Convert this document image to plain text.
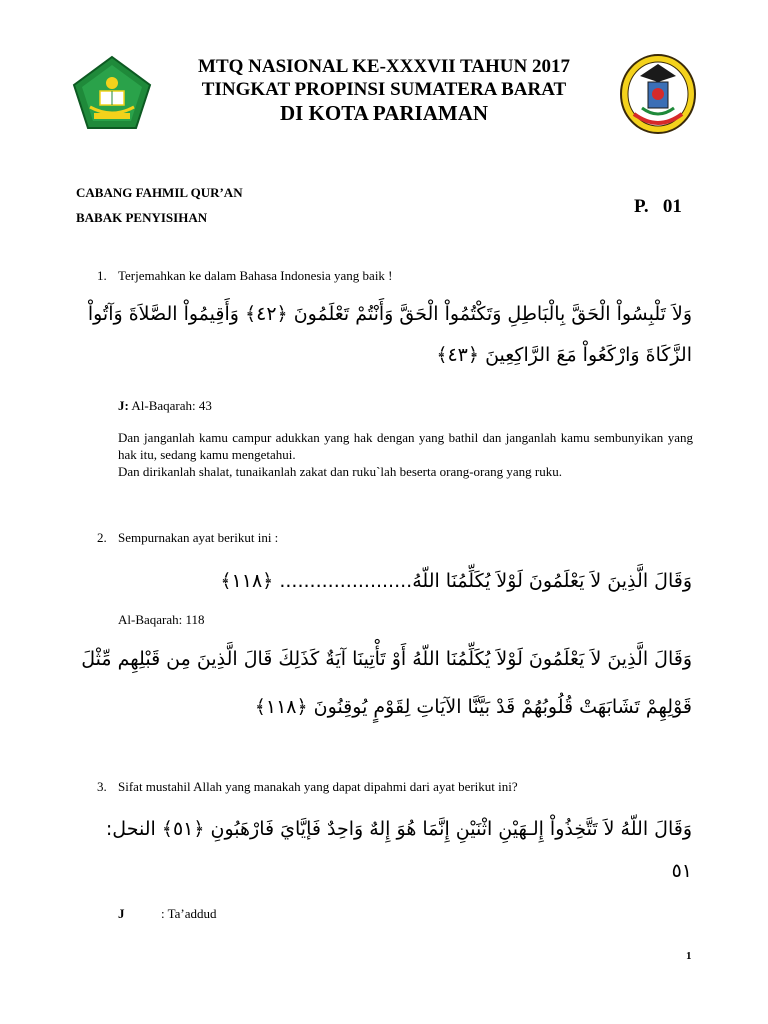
MTQ NASIONAL KE-XXXVII TAHUN 2017
TINGKAT PROPINSI SUMATERA BARAT
DI KOTA PARIAMAN
CABANG FAHMIL QUR’AN
BABAK PENYISIHAN
P.   01
1. Terjemahkan ke dalam Bahasa Indonesia yang baik !
وَلاَ تَلْبِسُواْ الْحَقَّ بِالْبَاطِلِ وَتَكْتُمُواْ الْحَقَّ وَأَنْتُمْ تَعْلَمُونَ ﴿٤٢﴾ وَأَقِيمُواْ الصَّلاَةَ وَآتُواْ
الزَّكَاةَ وَارْكَعُواْ مَعَ الرَّاكِعِينَ ﴿٤٣﴾
J: Al-Baqarah: 43
Dan janganlah kamu campur adukkan yang hak dengan yang bathil dan janganlah kamu sembunyikan yang hak itu, sedang kamu mengetahui.
Dan dirikanlah shalat, tunaikanlah zakat dan ruku`lah beserta orang-orang yang ruku.
2. Sempurnakan ayat berikut ini :
وَقَالَ الَّذِينَ لاَ يَعْلَمُونَ لَوْلاَ يُكَلِّمُنَا اللّهُ...................... ﴿١١٨﴾
Al-Baqarah: 118
وَقَالَ الَّذِينَ لاَ يَعْلَمُونَ لَوْلاَ يُكَلِّمُنَا اللّهُ أَوْ تَأْتِينَا آيَةٌ كَذَلِكَ قَالَ الَّذِينَ مِن قَبْلِهِم مِّثْلَ
قَوْلِهِمْ تَشَابَهَتْ قُلُوبُهُمْ قَدْ بَيَّنَّا الآيَاتِ لِقَوْمٍ يُوقِنُونَ ﴿١١٨﴾
3. Sifat mustahil Allah yang manakah yang dapat dipahmi dari ayat berikut ini?
وَقَالَ اللّهُ لاَ تَتَّخِذُواْ إِلـهَيْنِ اثْنَيْنِ إِنَّمَا هُوَ إِلهٌ وَاحِدٌ فَإيَّايَ فَارْهَبُونِ ﴿٥١﴾ النحل:
٥١
J	: Ta’addud
1
